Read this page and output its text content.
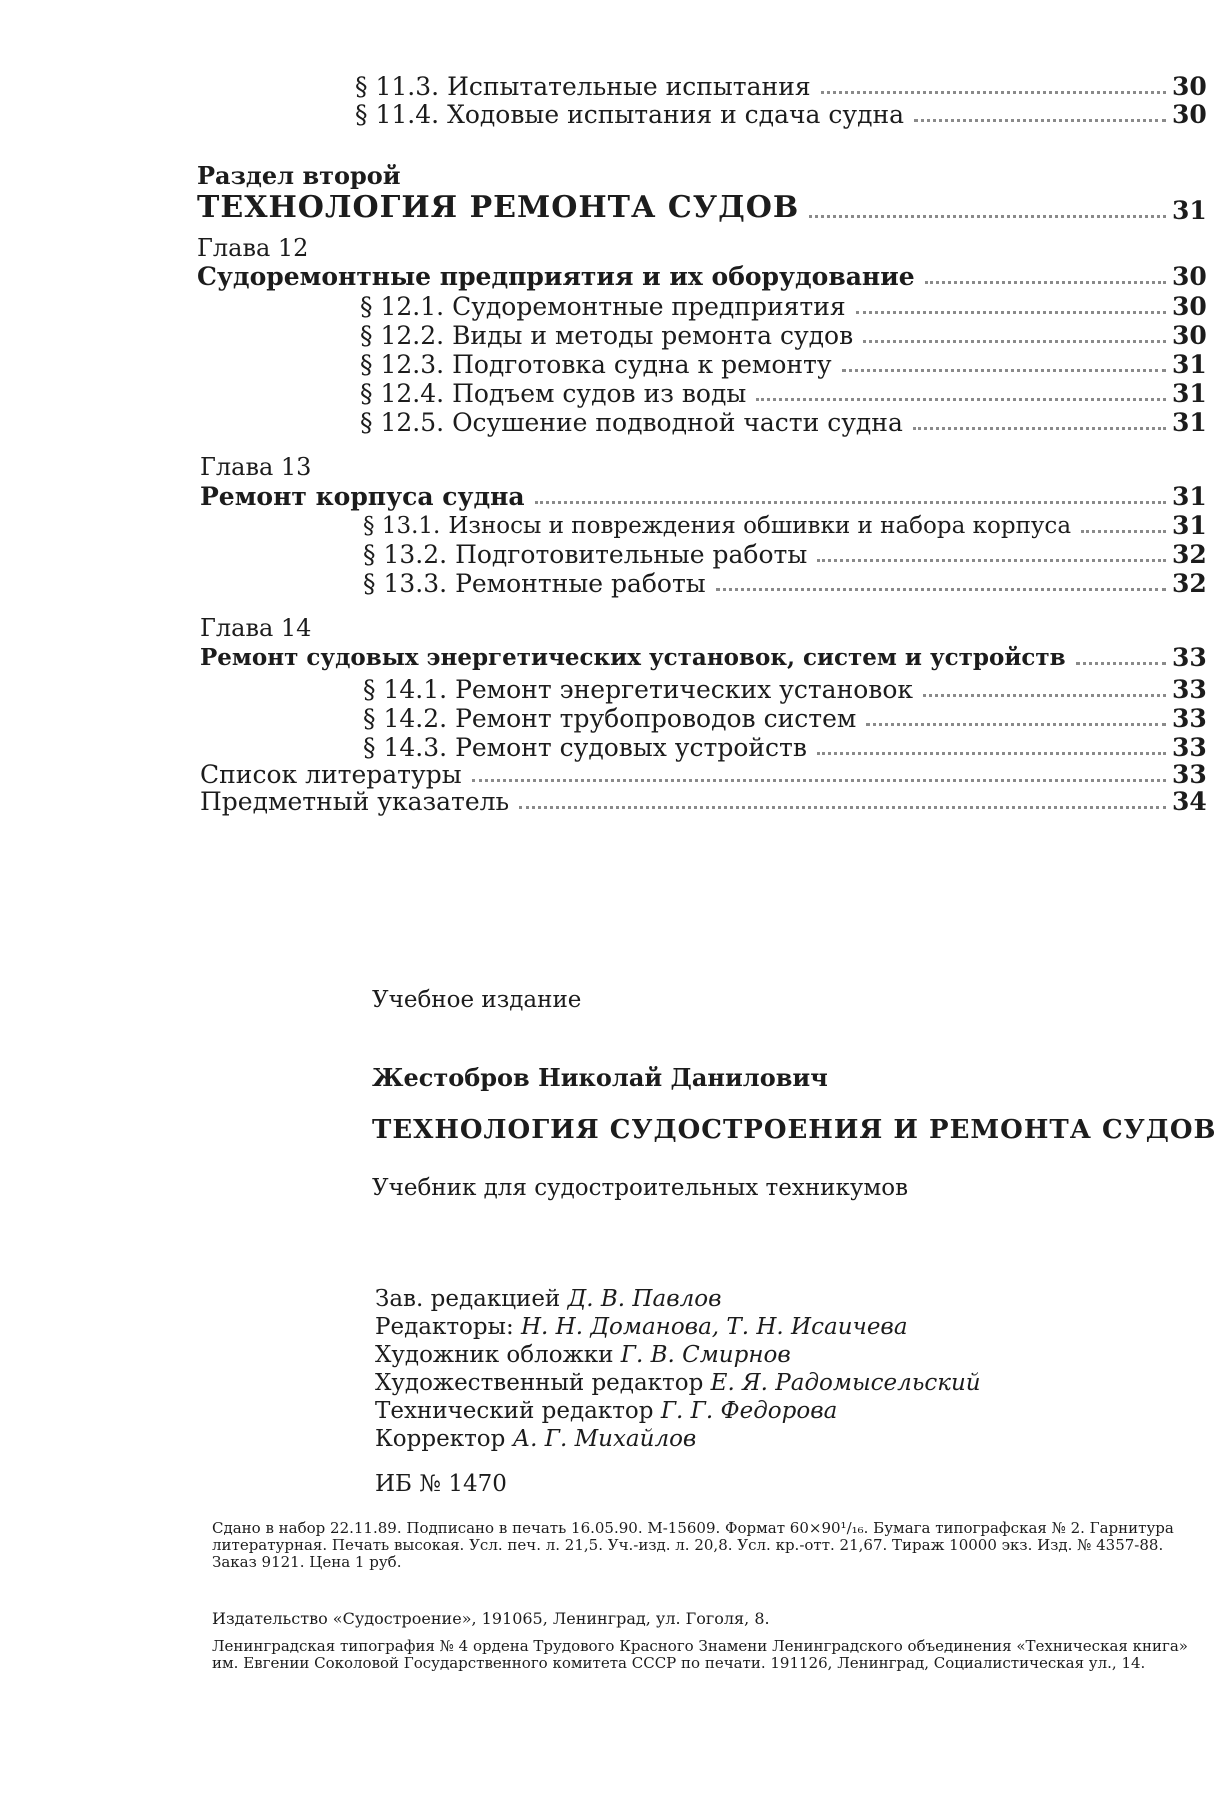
§ 11.3. Испытательные испытания	30
§ 11.4. Ходовые испытания и сдача судна	30
Раздел второй
ТЕХНОЛОГИЯ РЕМОНТА СУДОВ	31
Глава 12
Судоремонтные предприятия и их оборудование	30
§ 12.1. Судоремонтные предприятия	30
§ 12.2. Виды и методы ремонта судов	30
§ 12.3. Подготовка судна к ремонту	31
§ 12.4. Подъем судов из воды	31
§ 12.5. Осушение подводной части судна	31
Глава 13
Ремонт корпуса судна	31
§ 13.1. Износы и повреждения обшивки и набора корпуса	31
§ 13.2. Подготовительные работы	32
§ 13.3. Ремонтные работы	32
Глава 14
Ремонт судовых энергетических установок, систем и устройств	33
§ 14.1. Ремонт энергетических установок	33
§ 14.2. Ремонт трубопроводов систем	33
§ 14.3. Ремонт судовых устройств	33
Список литературы	33
Предметный указатель	34
Учебное издание
Жестобров Николай Данилович
ТЕХНОЛОГИЯ СУДОСТРОЕНИЯ И РЕМОНТА СУДОВ
Учебник для судостроительных техникумов
Зав. редакцией Д. В. Павлов
Редакторы: Н. Н. Доманова, Т. Н. Исаичева
Художник обложки Г. В. Смирнов
Художественный редактор Е. Я. Радомысельский
Технический редактор Г. Г. Федорова
Корректор А. Г. Михайлов
ИБ № 1470
Сдано в набор 22.11.89. Подписано в печать 16.05.90. М-15609. Формат 60×90¹/₁₆. Бумага типографская № 2. Гарнитура литературная. Печать высокая. Усл. печ. л. 21,5. Уч.-изд. л. 20,8. Усл. кр.-отт. 21,67. Тираж 10000 экз. Изд. № 4357-88. Заказ 9121. Цена 1 руб.
Издательство «Судостроение», 191065, Ленинград, ул. Гоголя, 8.
Ленинградская типография № 4 ордена Трудового Красного Знамени Ленинградского объединения «Техническая книга» им. Евгении Соколовой Государственного комитета СССР по печати. 191126, Ленинград, Социалистическая ул., 14.
